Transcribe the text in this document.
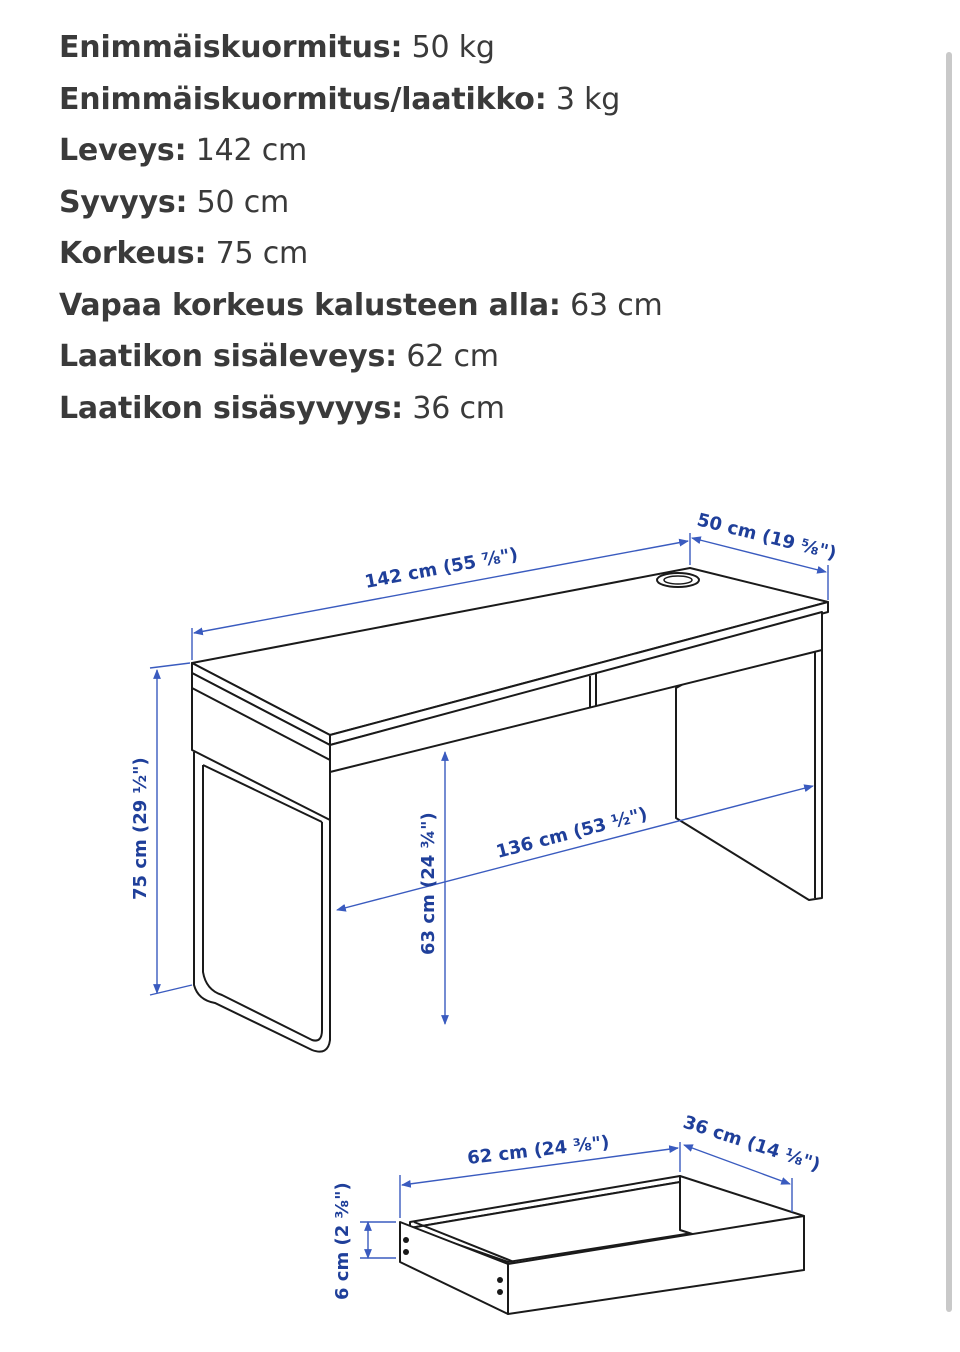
Enimmäiskuormitus: 50 kg
Enimmäiskuormitus/laatikko: 3 kg
Leveys: 142 cm
Syvyys: 50 cm
Korkeus: 75 cm
Vapaa korkeus kalusteen alla: 63 cm
Laatikon sisäleveys: 62 cm
Laatikon sisäsyvyys: 36 cm
142 cm (55 ⅞")
50 cm (19 ⅝")
75 cm (29 ½")	63 cm (24 ¾")	136 cm (53 ½")
62 cm (24 ⅜")	36 cm (14 ⅛")
6 cm (2 ⅜")
